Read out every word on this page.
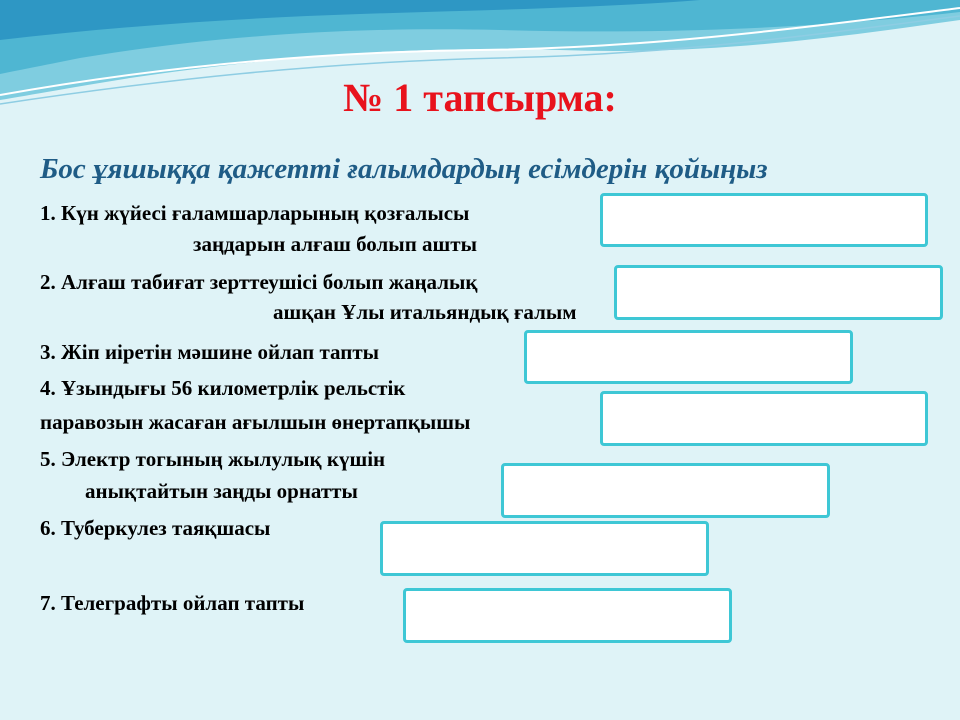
№ 1 тапсырма:
Бос ұяшыққа қажетті ғалымдардың есімдерін қойыңыз
1. Күн жүйесі ғаламшарларының қозғалысы
заңдарын алғаш болып ашты
2. Алғаш табиғат зерттеушісі болып жаңалық
ашқан Ұлы итальяндық ғалым
3. Жіп иіретін мәшине ойлап тапты
4. Ұзындығы 56 километрлік рельстік
паравозын жасаған ағылшын өнертапқышы
5. Электр тогының жылулық күшін
анықтайтын заңды орнатты
6. Туберкулез таяқшасы
7. Телеграфты ойлап тапты
